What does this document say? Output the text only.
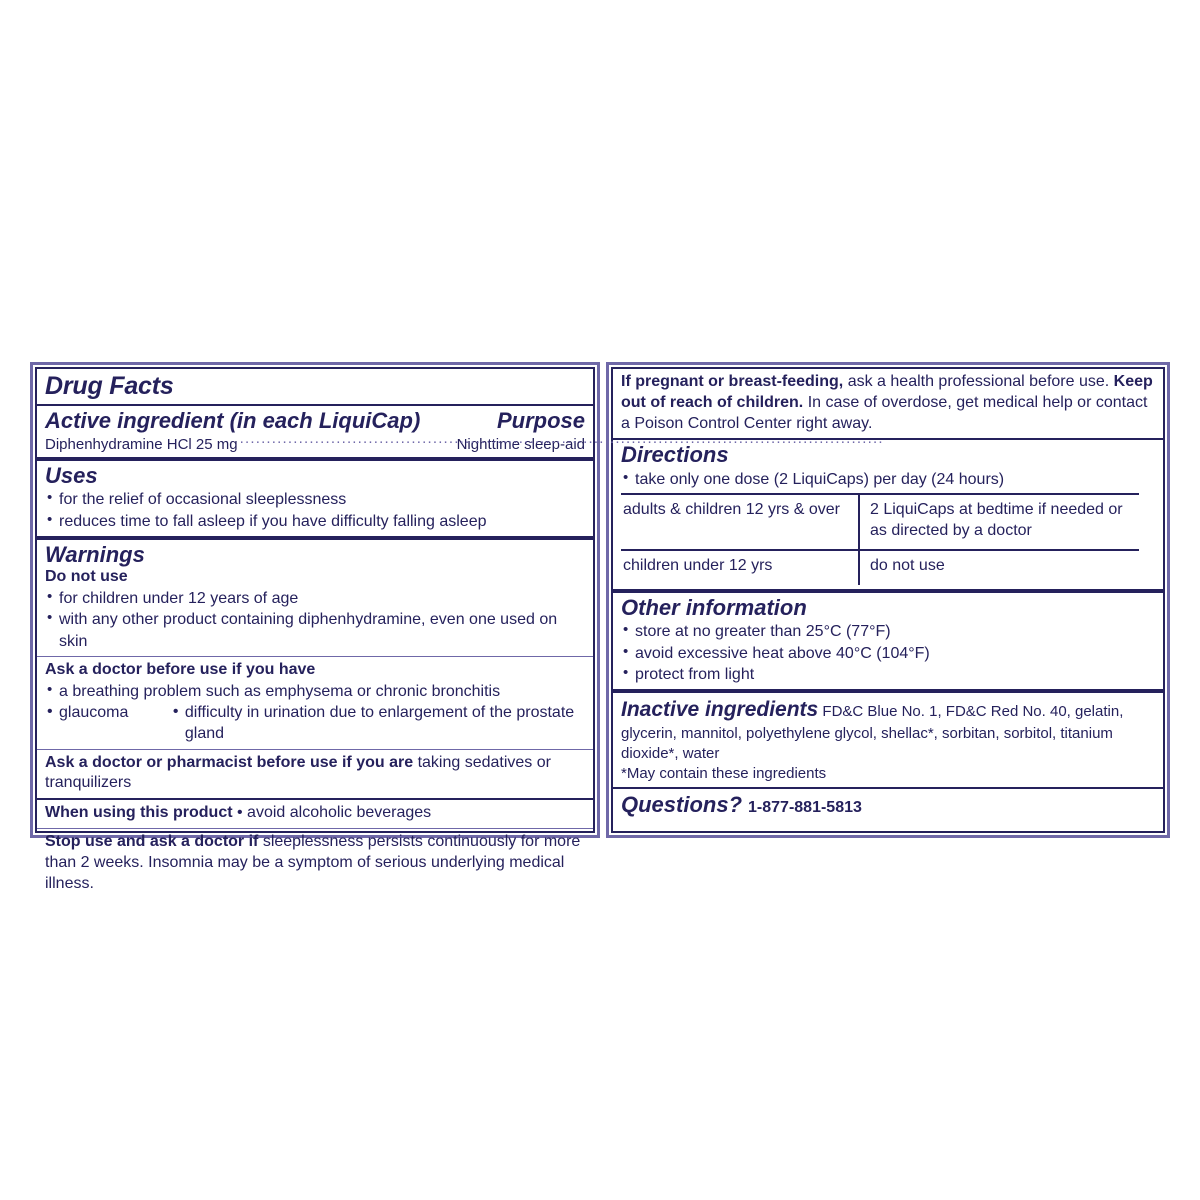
Drug Facts
Active ingredient (in each LiquiCap)	Purpose
Diphenhydramine HCl 25 mg .....	Nighttime sleep-aid
Uses
• for the relief of occasional sleeplessness
• reduces time to fall asleep if you have difficulty falling asleep
Warnings
Do not use
• for children under 12 years of age
• with any other product containing diphenhydramine, even one used on skin
Ask a doctor before use if you have
• a breathing problem such as emphysema or chronic bronchitis
• glaucoma	• difficulty in urination due to enlargement of the prostate gland
Ask a doctor or pharmacist before use if you are taking sedatives or tranquilizers
When using this product • avoid alcoholic beverages
Stop use and ask a doctor if sleeplessness persists continuously for more than 2 weeks. Insomnia may be a symptom of serious underlying medical illness.
If pregnant or breast-feeding, ask a health professional before use. Keep out of reach of children. In case of overdose, get medical help or contact a Poison Control Center right away.
Directions
• take only one dose (2 LiquiCaps) per day (24 hours)
adults & children 12 yrs & over	2 LiquiCaps at bedtime if needed or as directed by a doctor
children under 12 yrs	do not use
Other information
• store at no greater than 25°C (77°F)
• avoid excessive heat above 40°C (104°F)
• protect from light
Inactive ingredients FD&C Blue No. 1, FD&C Red No. 40, gelatin, glycerin, mannitol, polyethylene glycol, shellac*, sorbitan, sorbitol, titanium dioxide*, water
*May contain these ingredients
Questions? 1-877-881-5813
